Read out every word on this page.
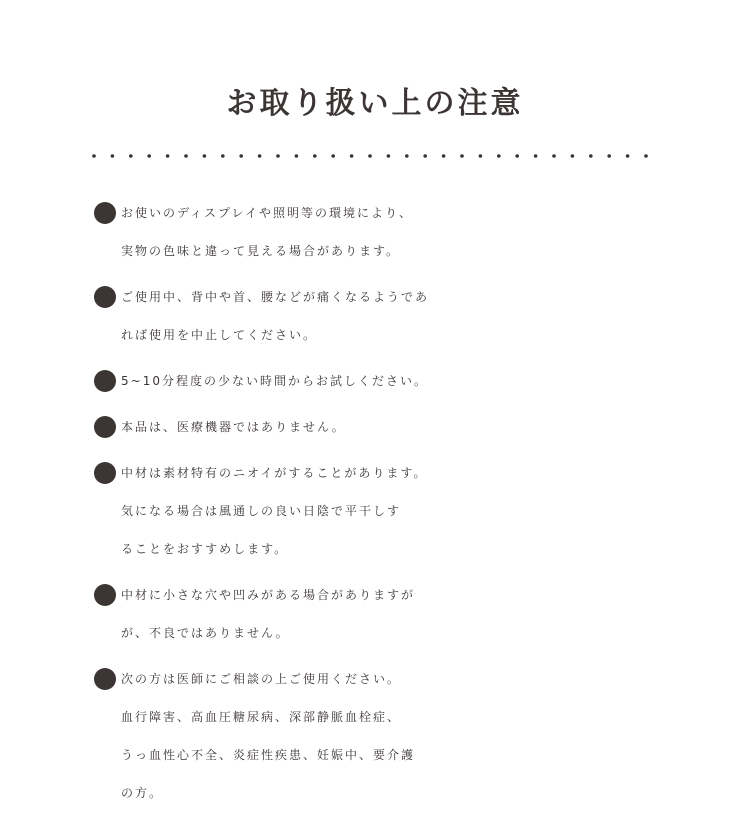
お取り扱い上の注意
お使いのディスプレイや照明等の環境により、
実物の色味と違って見える場合があります。
ご使用中、背中や首、腰などが痛くなるようであ
れば使用を中止してください。
5~10分程度の少ない時間からお試しください。
本品は、医療機器ではありません。
中材は素材特有のニオイがすることがあります。
気になる場合は風通しの良い日陰で平干しす
ることをおすすめします。
中材に小さな穴や凹みがある場合がありますが
が、不良ではありません。
次の方は医師にご相談の上ご使用ください。
血行障害、高血圧糖尿病、深部静脈血栓症、
うっ血性心不全、炎症性疾患、妊娠中、要介護
の方。
